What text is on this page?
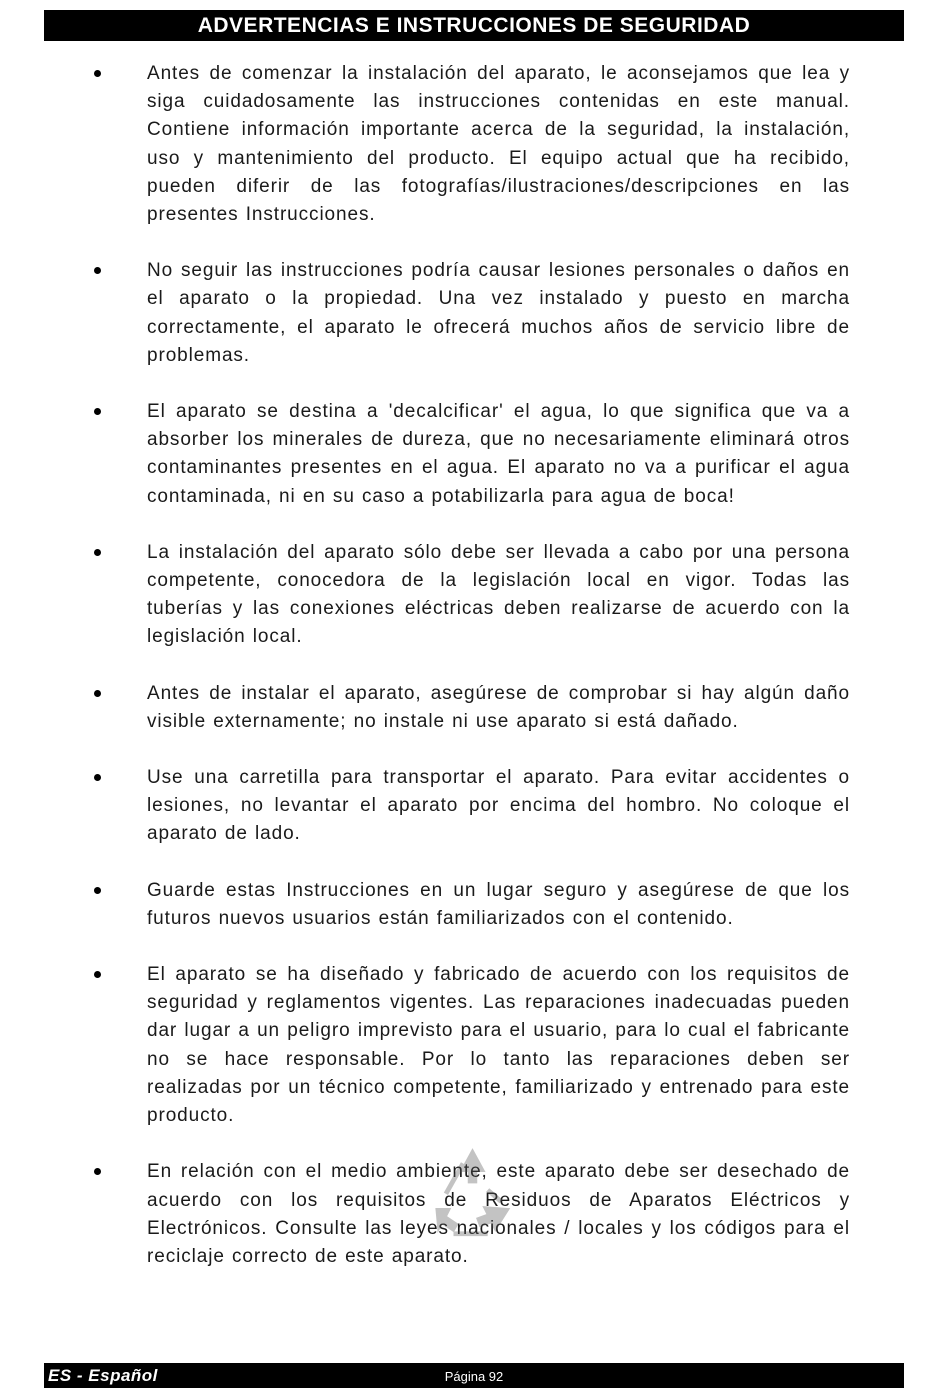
ADVERTENCIAS E INSTRUCCIONES DE SEGURIDAD
Antes de comenzar la instalación del aparato, le aconsejamos que lea y siga cuidadosamente las instrucciones contenidas en este manual. Contiene información importante acerca de la seguridad, la instalación, uso y mantenimiento del producto. El equipo actual que ha recibido, pueden diferir de las fotografías/ilustraciones/descripciones en las presentes Instrucciones.
No seguir las instrucciones podría causar lesiones personales o daños en el aparato o la propiedad. Una vez instalado y puesto en marcha correctamente, el aparato le ofrecerá muchos años de servicio libre de problemas.
El aparato se destina a 'decalcificar' el agua, lo que significa que va a absorber los minerales de dureza, que no necesariamente eliminará otros contaminantes presentes en el agua. El aparato no va a purificar el agua contaminada, ni en su caso a potabilizarla para agua de boca!
La instalación del aparato sólo debe ser llevada a cabo por una persona competente, conocedora de la legislación local en vigor. Todas las tuberías y las conexiones eléctricas deben realizarse de acuerdo con la legislación local.
Antes de instalar el aparato, asegúrese de comprobar si hay algún daño visible externamente; no instale ni use aparato si está dañado.
Use una carretilla para transportar el aparato. Para evitar accidentes o lesiones, no levantar el aparato por encima del hombro. No coloque el aparato de lado.
Guarde estas Instrucciones en un lugar seguro y asegúrese de que los futuros nuevos usuarios están familiarizados con el contenido.
El aparato se ha diseñado y fabricado de acuerdo con los requisitos de seguridad y reglamentos vigentes. Las reparaciones inadecuadas pueden dar lugar a un peligro imprevisto para el usuario, para lo cual el fabricante no se hace responsable. Por lo tanto las reparaciones deben ser realizadas por un técnico competente, familiarizado y entrenado para este producto.
En relación con el medio ambiente, este aparato debe ser desechado de acuerdo con los requisitos de Residuos de Aparatos Eléctricos y Electrónicos. Consulte las leyes nacionales / locales y los códigos para el reciclaje correcto de este aparato.
ES - Español	Página 92
